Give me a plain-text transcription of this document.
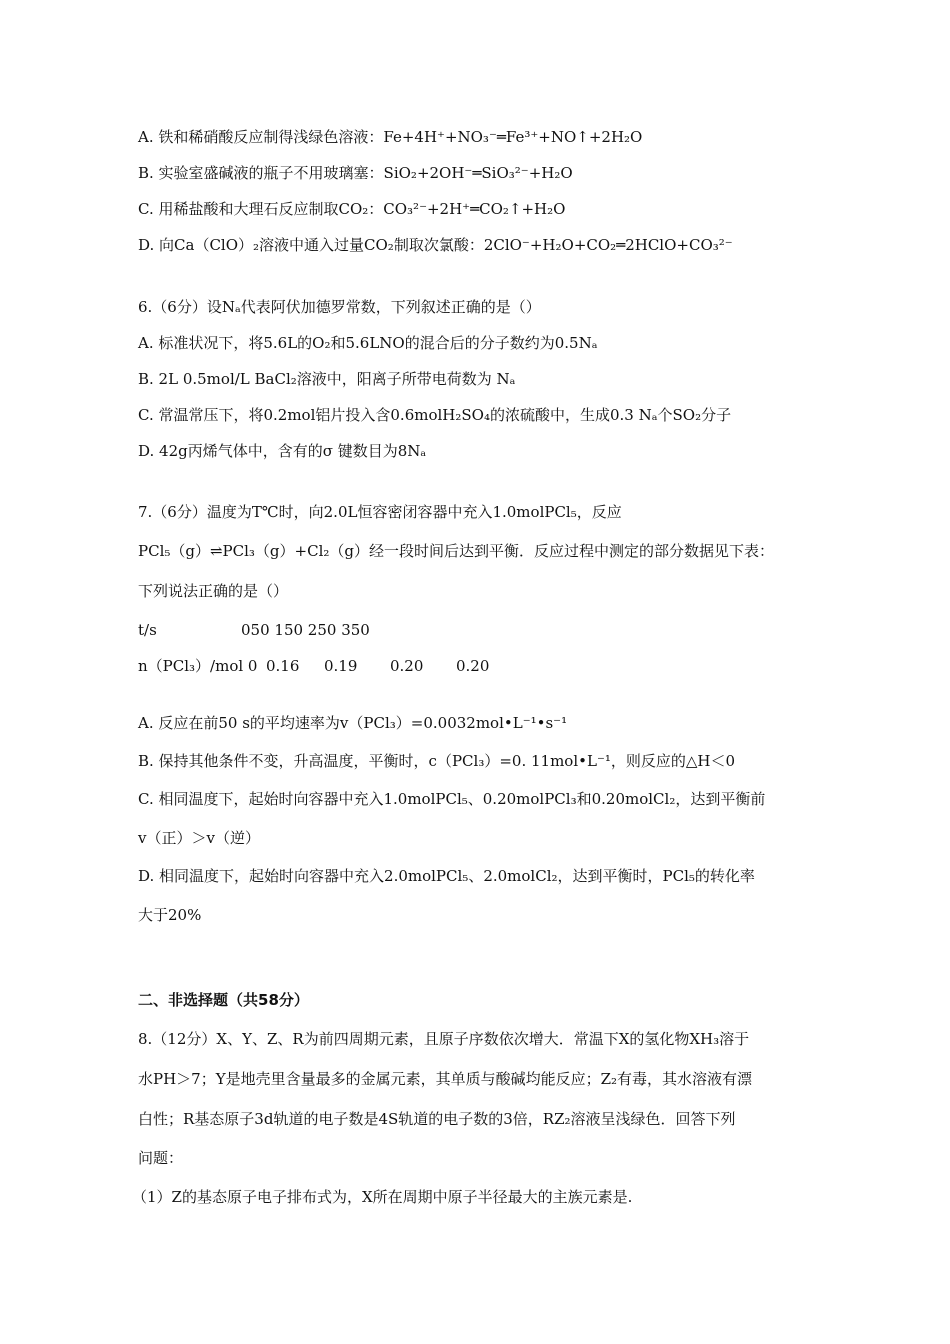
A. 铁和稀硝酸反应制得浅绿色溶液：Fe+4H⁺+NO₃⁻═Fe³⁺+NO↑+2H₂O
B. 实验室盛碱液的瓶子不用玻璃塞：SiO₂+2OH⁻═SiO₃²⁻+H₂O
C. 用稀盐酸和大理石反应制取CO₂：CO₃²⁻+2H⁺═CO₂↑+H₂O
D. 向Ca（ClO）₂溶液中通入过量CO₂制取次氯酸：2ClO⁻+H₂O+CO₂═2HClO+CO₃²⁻
6.（6分）设Nₐ代表阿伏加德罗常数，下列叙述正确的是（）
A. 标准状况下，将5.6L的O₂和5.6LNO的混合后的分子数约为0.5Nₐ
B. 2L 0.5mol/L BaCl₂溶液中，阳离子所带电荷数为 Nₐ
C. 常温常压下，将0.2mol铝片投入含0.6molH₂SO₄的浓硫酸中，生成0.3 Nₐ个SO₂分子
D. 42g丙烯气体中，含有的σ 键数目为8Nₐ
7.（6分）温度为T℃时，向2.0L恒容密闭容器中充入1.0molPCl₅，反应
PCl₅（g）⇌PCl₃（g）+Cl₂（g）经一段时间后达到平衡．反应过程中测定的部分数据见下表：
下列说法正确的是（）
t/s	050 150 250 350
n（PCl₃）/mol 0 0.16 0.19 0.20 0.20
A. 反应在前50 s的平均速率为v（PCl₃）=0.0032mol•L⁻¹•s⁻¹
B. 保持其他条件不变，升高温度，平衡时，c（PCl₃）=0. 11mol•L⁻¹，则反应的△H＜0
C. 相同温度下，起始时向容器中充入1.0molPCl₅、0.20molPCl₃和0.20molCl₂，达到平衡前
v（正）＞v（逆）
D. 相同温度下，起始时向容器中充入2.0molPCl₅、2.0molCl₂，达到平衡时，PCl₅的转化率
大于20%
二、非选择题（共58分）
8.（12分）X、Y、Z、R为前四周期元素，且原子序数依次增大．常温下X的氢化物XH₃溶于
水PH＞7；Y是地壳里含量最多的金属元素，其单质与酸碱均能反应；Z₂有毒，其水溶液有漂
白性；R基态原子3d轨道的电子数是4S轨道的电子数的3倍，RZ₂溶液呈浅绿色．回答下列
问题：
（1）Z的基态原子电子排布式为，X所在周期中原子半径最大的主族元素是.
